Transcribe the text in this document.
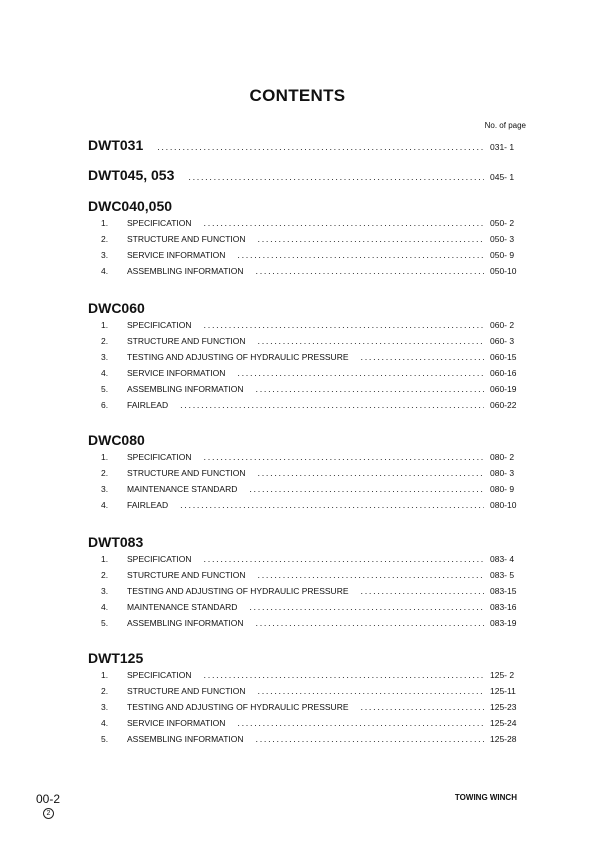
CONTENTS
No. of page
DWT031 . . .	031- 1
DWT045, 053 . . .	045- 1
DWC040,050
1.	SPECIFICATION . . .	050- 2
2.	STRUCTURE AND FUNCTION . . .	050- 3
3.	SERVICE INFORMATION . . .	050- 9
4.	ASSEMBLING INFORMATION . . .	050-10
DWC060
1.	SPECIFICATION . . .	060- 2
2.	STRUCTURE AND FUNCTION . . .	060- 3
3.	TESTING AND ADJUSTING OF HYDRAULIC PRESSURE . . .	060-15
4.	SERVICE INFORMATION . . .	060-16
5.	ASSEMBLING INFORMATION . . .	060-19
6.	FAIRLEAD . . .	060-22
DWC080
1.	SPECIFICATION . . .	080- 2
2.	STRUCTURE AND FUNCTION . . .	080- 3
3.	MAINTENANCE STANDARD . . .	080- 9
4.	FAIRLEAD . . .	080-10
DWT083
1.	SPECIFICATION . . .	083- 4
2.	STURCTURE AND FUNCTION . . .	083- 5
3.	TESTING AND ADJUSTING OF HYDRAULIC PRESSURE . . .	083-15
4.	MAINTENANCE STANDARD . . .	083-16
5.	ASSEMBLING INFORMATION . . .	083-19
DWT125
1.	SPECIFICATION . . .	125- 2
2.	STRUCTURE AND FUNCTION . . .	125-11
3.	TESTING AND ADJUSTING OF HYDRAULIC PRESSURE . . .	125-23
4.	SERVICE INFORMATION . . .	125-24
5.	ASSEMBLING INFORMATION . . .	125-28
00-2
2
TOWING WINCH
